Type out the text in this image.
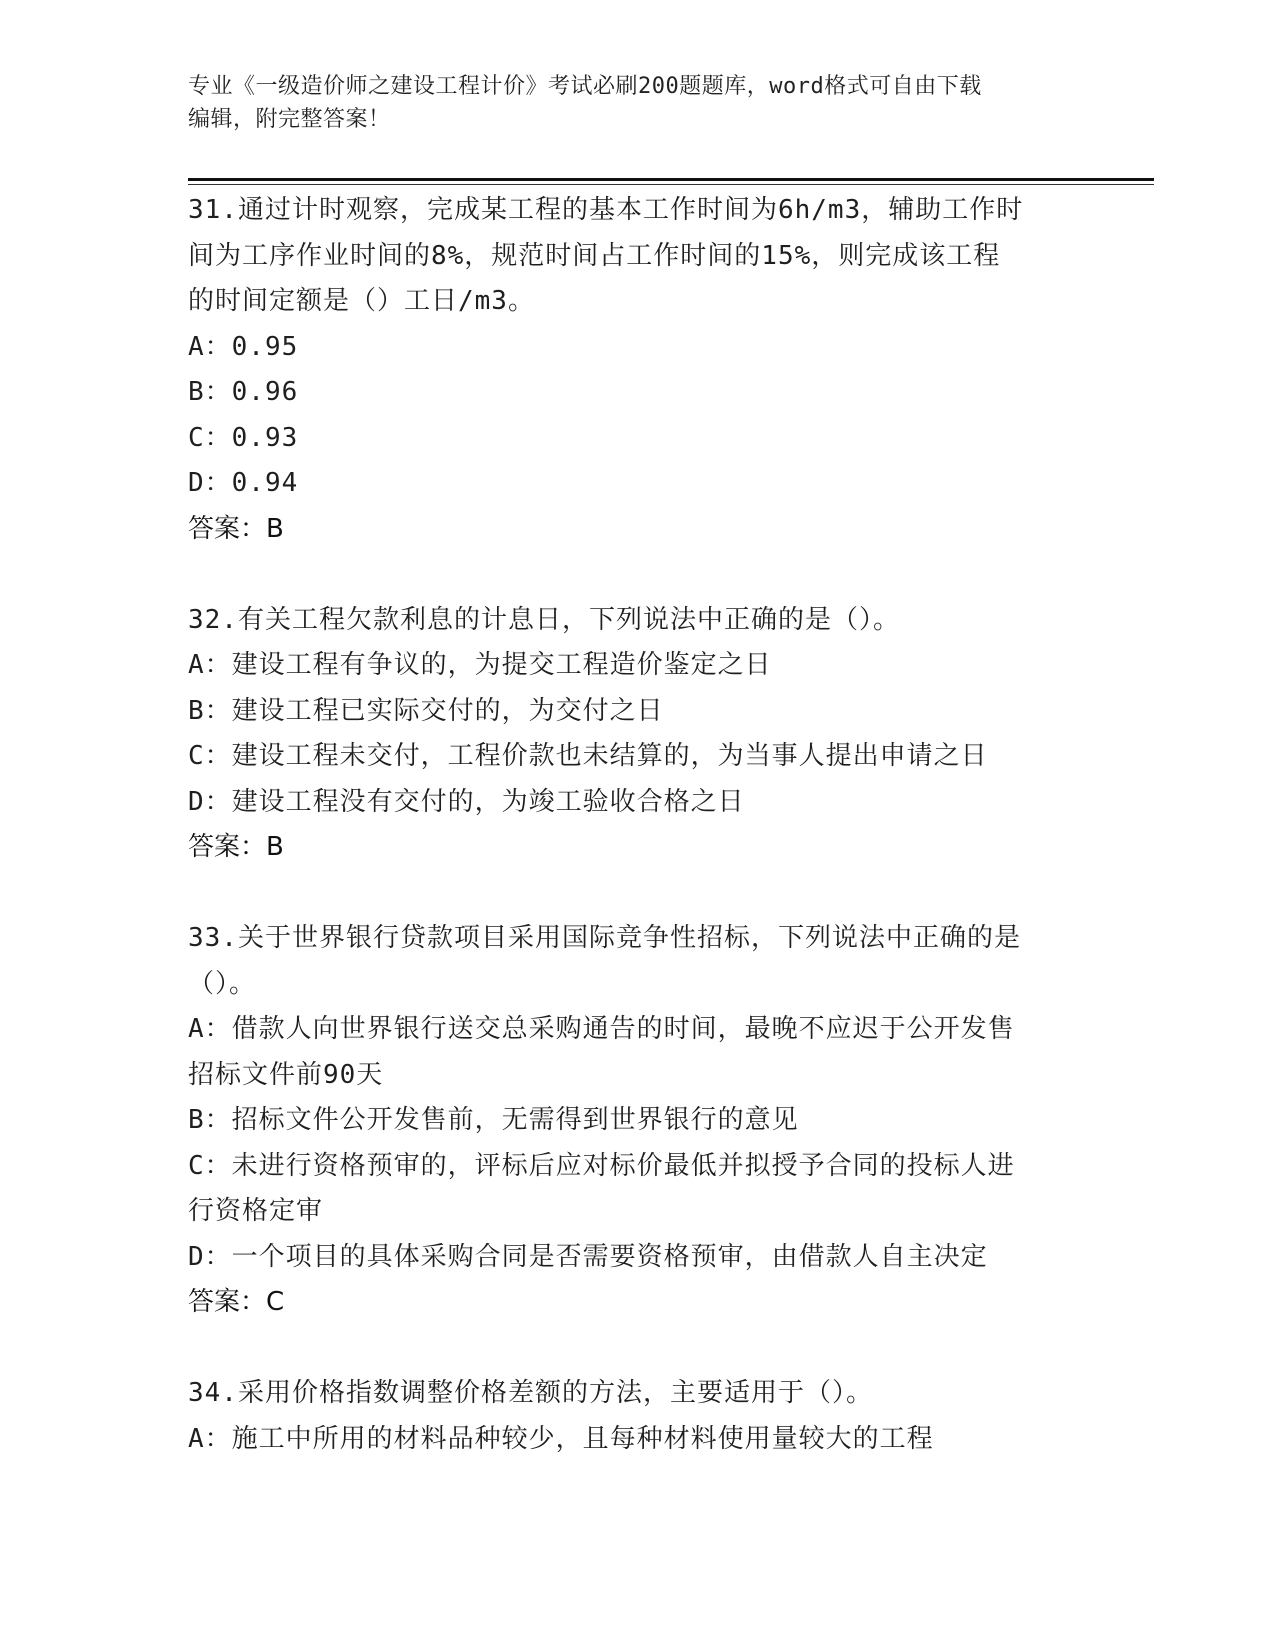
专业《一级造价师之建设工程计价》考试必刷200题题库，word格式可自由下载
编辑，附完整答案！
31.通过计时观察，完成某工程的基本工作时间为6h/m3，辅助工作时
间为工序作业时间的8%，规范时间占工作时间的15%，则完成该工程
的时间定额是（）工日/m3。
A：0.95
B：0.96
C：0.93
D：0.94
答案：B
32.有关工程欠款利息的计息日，下列说法中正确的是（）。
A：建设工程有争议的，为提交工程造价鉴定之日
B：建设工程已实际交付的，为交付之日
C：建设工程未交付，工程价款也未结算的，为当事人提出申请之日
D：建设工程没有交付的，为竣工验收合格之日
答案：B
33.关于世界银行贷款项目采用国际竞争性招标，下列说法中正确的是
（）。
A：借款人向世界银行送交总采购通告的时间，最晚不应迟于公开发售
招标文件前90天
B：招标文件公开发售前，无需得到世界银行的意见
C：未进行资格预审的，评标后应对标价最低并拟授予合同的投标人进
行资格定审
D：一个项目的具体采购合同是否需要资格预审，由借款人自主决定
答案：C
34.采用价格指数调整价格差额的方法，主要适用于（）。
A：施工中所用的材料品种较少，且每种材料使用量较大的工程
